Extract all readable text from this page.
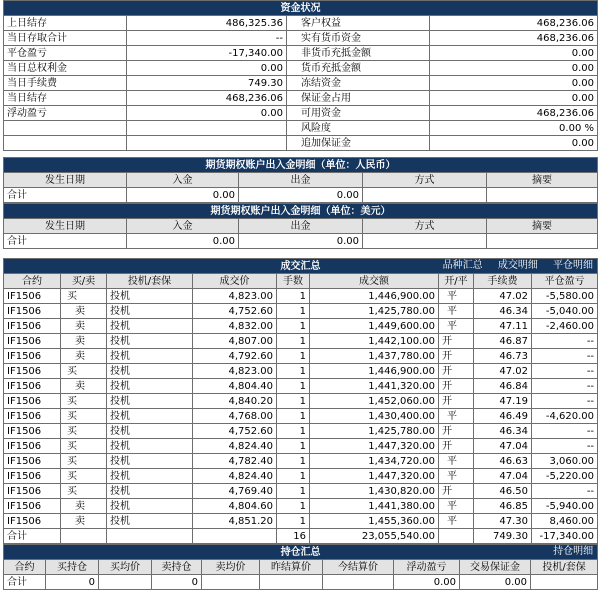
资金状况			
上日结存	486,325.36	客户权益	468,236.06
当日存取合计	--	实有货币资金	468,236.06
平仓盈亏	-17,340.00	非货币充抵金额	0.00
当日总权利金	0.00	货币充抵金额	0.00
当日手续费	749.30	冻结资金	0.00
当日结存	468,236.06	保证金占用	0.00
浮动盈亏	0.00	可用资金	468,236.06
		风险度	0.00 %
		追加保证金	0.00
期货期权账户出入金明细（单位：人民币）				
发生日期	入金	出金	方式	摘要
合计	0.00	0.00		
期货期权账户出入金明细（单位：美元）				
发生日期	入金	出金	方式	摘要
合计	0.00	0.00		
成交汇总 品种汇总 成交明细 平仓明细								

合约	买/卖	投机/套保	成交价	手数	成交额	开/平	手续费	平仓盈亏
IF1506	买	投机	4,823.00	1	1,446,900.00	平	47.02	-5,580.00
IF1506	卖	投机	4,752.60	1	1,425,780.00	平	46.34	-5,040.00
IF1506	卖	投机	4,832.00	1	1,449,600.00	平	47.11	-2,460.00
IF1506	卖	投机	4,807.00	1	1,442,100.00	开	46.87	--
IF1506	卖	投机	4,792.60	1	1,437,780.00	开	46.73	--
IF1506	买	投机	4,823.00	1	1,446,900.00	开	47.02	--
IF1506	卖	投机	4,804.40	1	1,441,320.00	开	46.84	--
IF1506	买	投机	4,840.20	1	1,452,060.00	开	47.19	--
IF1506	买	投机	4,768.00	1	1,430,400.00	平	46.49	-4,620.00
IF1506	买	投机	4,752.60	1	1,425,780.00	开	46.34	--
IF1506	买	投机	4,824.40	1	1,447,320.00	开	47.04	--
IF1506	买	投机	4,782.40	1	1,434,720.00	平	46.63	3,060.00
IF1506	买	投机	4,824.40	1	1,447,320.00	平	47.04	-5,220.00
IF1506	买	投机	4,769.40	1	1,430,820.00	开	46.50	--
IF1506	卖	投机	4,804.60	1	1,441,380.00	平	46.85	-5,940.00
IF1506	卖	投机	4,851.20	1	1,455,360.00	平	47.30	8,460.00
合计				16	23,055,540.00		749.30	-17,340.00
持仓汇总 持仓明细									

合约	买持仓	买均价	卖持仓	卖均价	昨结算价	今结算价	浮动盈亏	交易保证金	投机/套保
合计	0		0				0.00	0.00	
